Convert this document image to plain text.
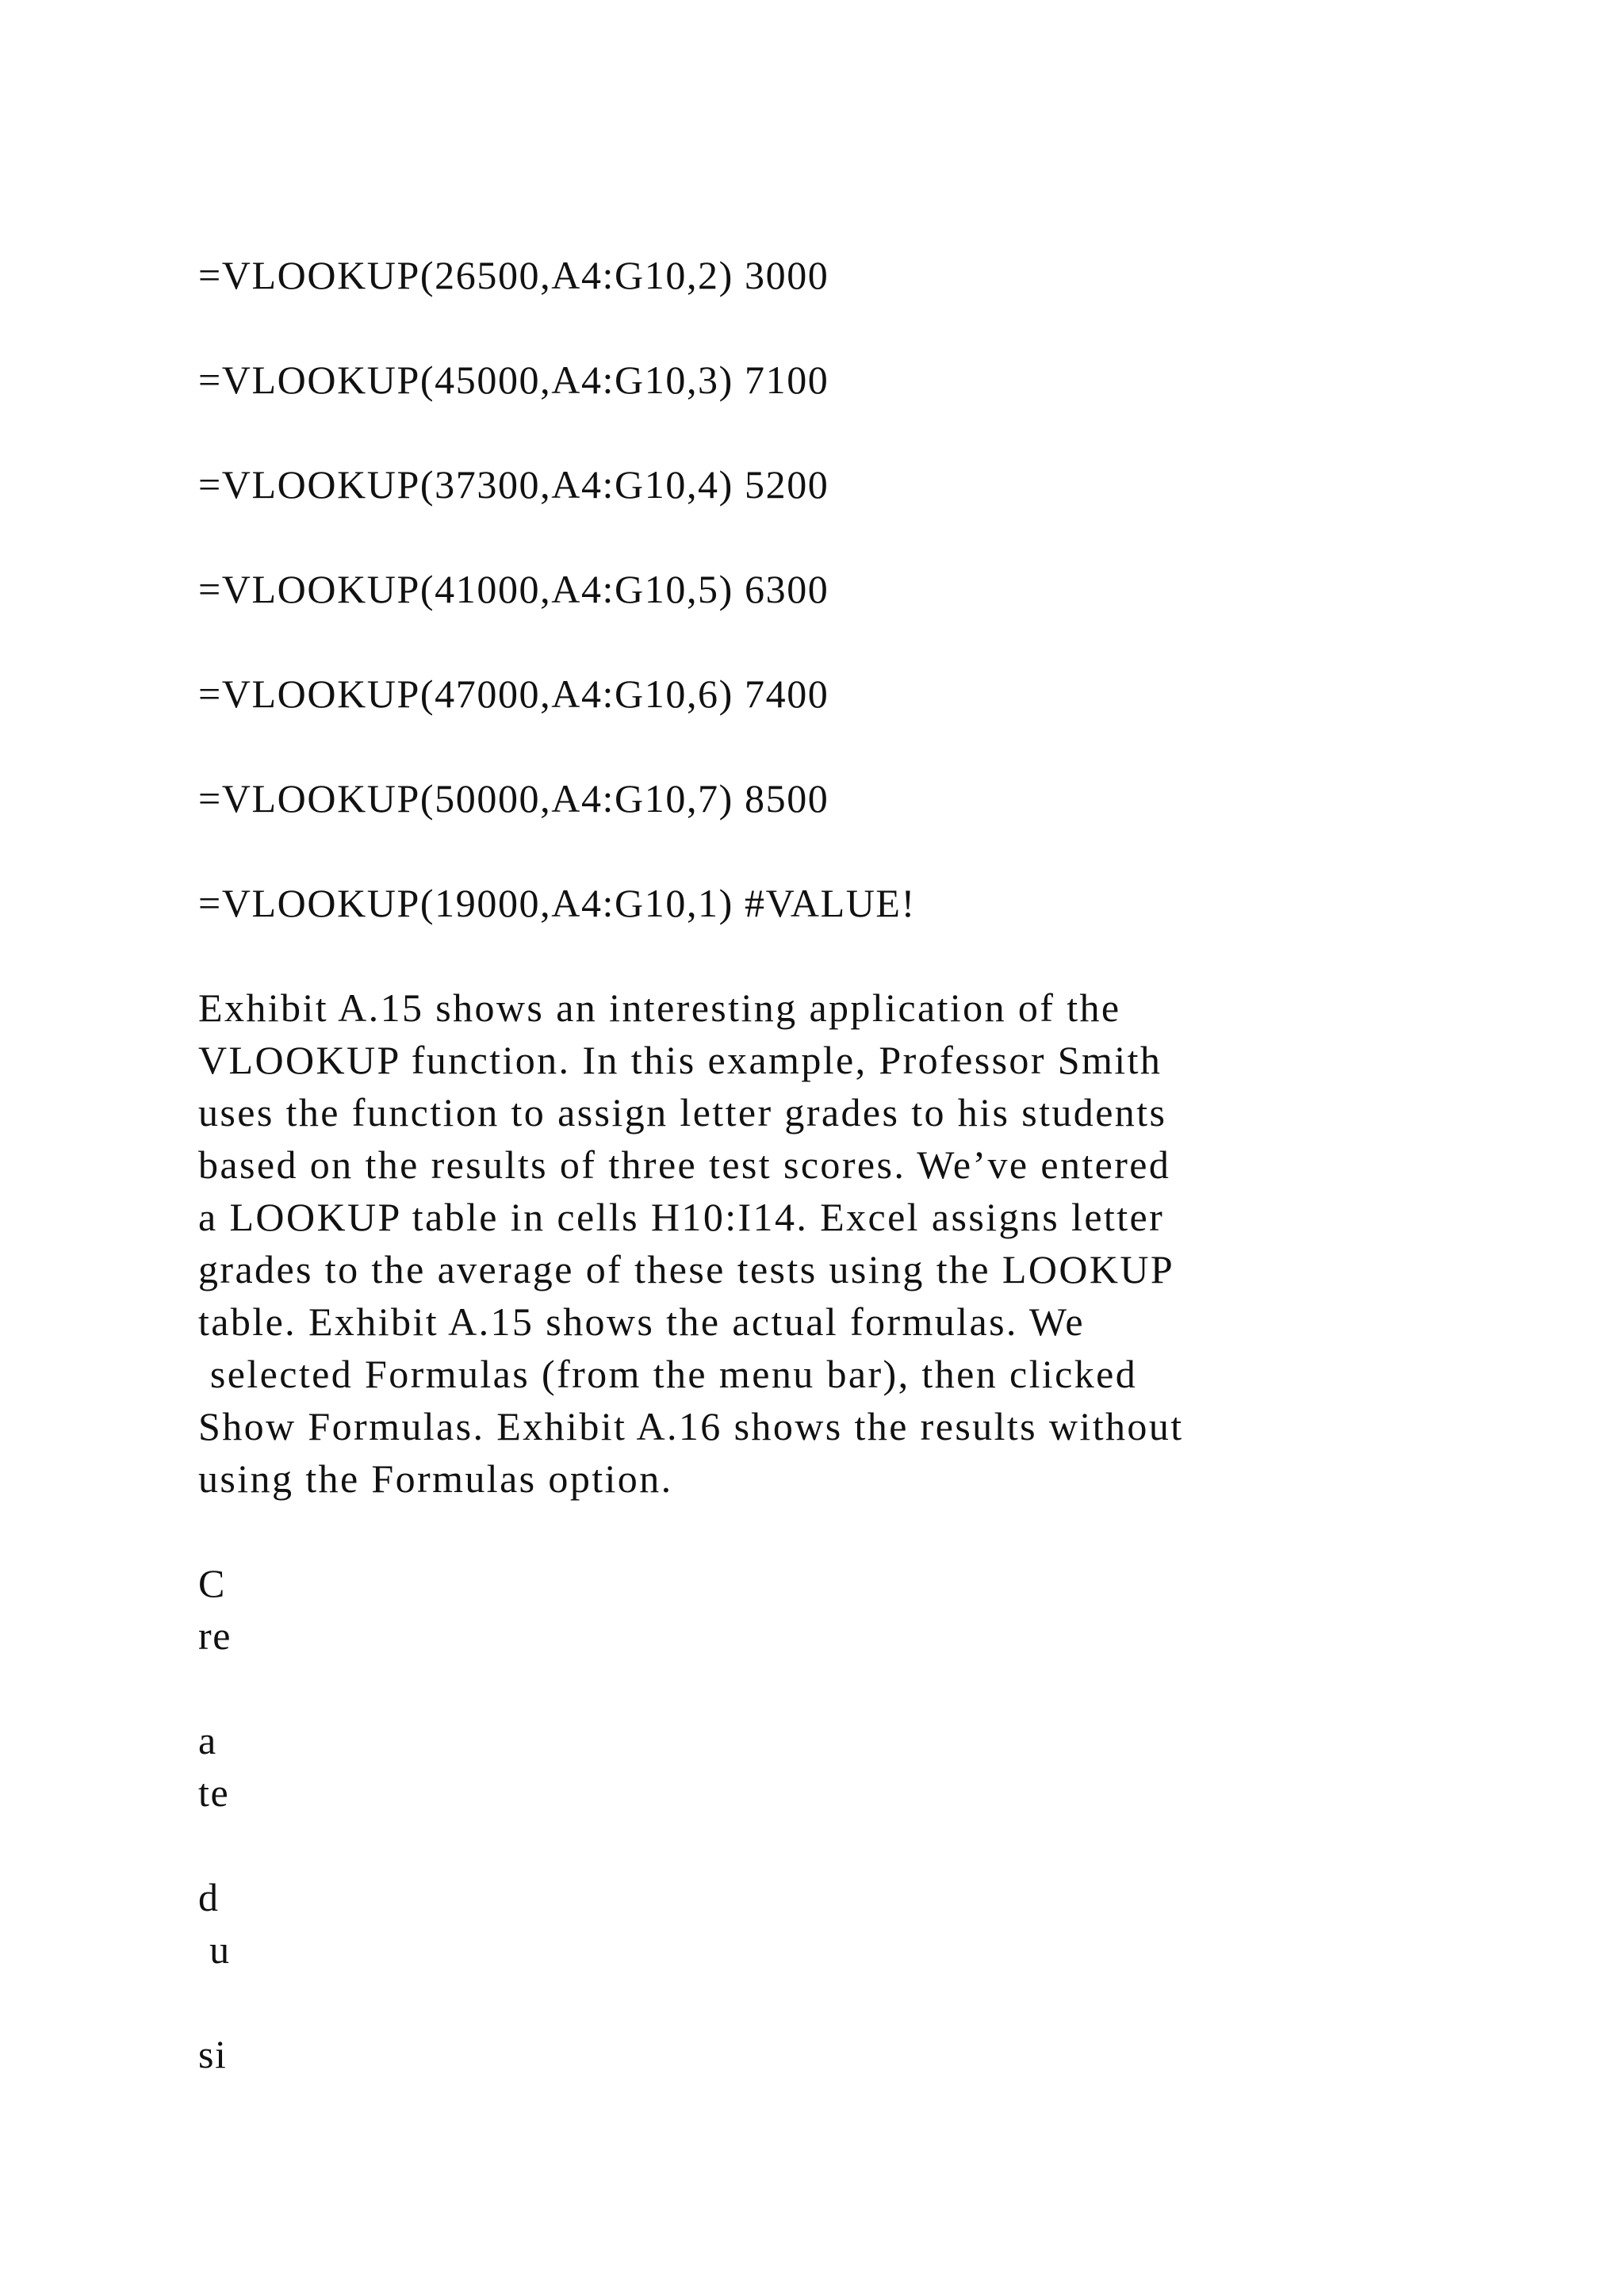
=VLOOKUP(26500,A4:G10,2) 3000
=VLOOKUP(45000,A4:G10,3) 7100
=VLOOKUP(37300,A4:G10,4) 5200
=VLOOKUP(41000,A4:G10,5) 6300
=VLOOKUP(47000,A4:G10,6) 7400
=VLOOKUP(50000,A4:G10,7) 8500
=VLOOKUP(19000,A4:G10,1) #VALUE!
Exhibit A.15 shows an interesting application of the
VLOOKUP function. In this example, Professor Smith
uses the function to assign letter grades to his students
based on the results of three test scores. We’ve entered
a LOOKUP table in cells H10:I14. Excel assigns letter
grades to the average of these tests using the LOOKUP
table. Exhibit A.15 shows the actual formulas. We
selected Formulas (from the menu bar), then clicked
Show Formulas. Exhibit A.16 shows the results without
using the Formulas option.
C
re
a
te
d
u
si
